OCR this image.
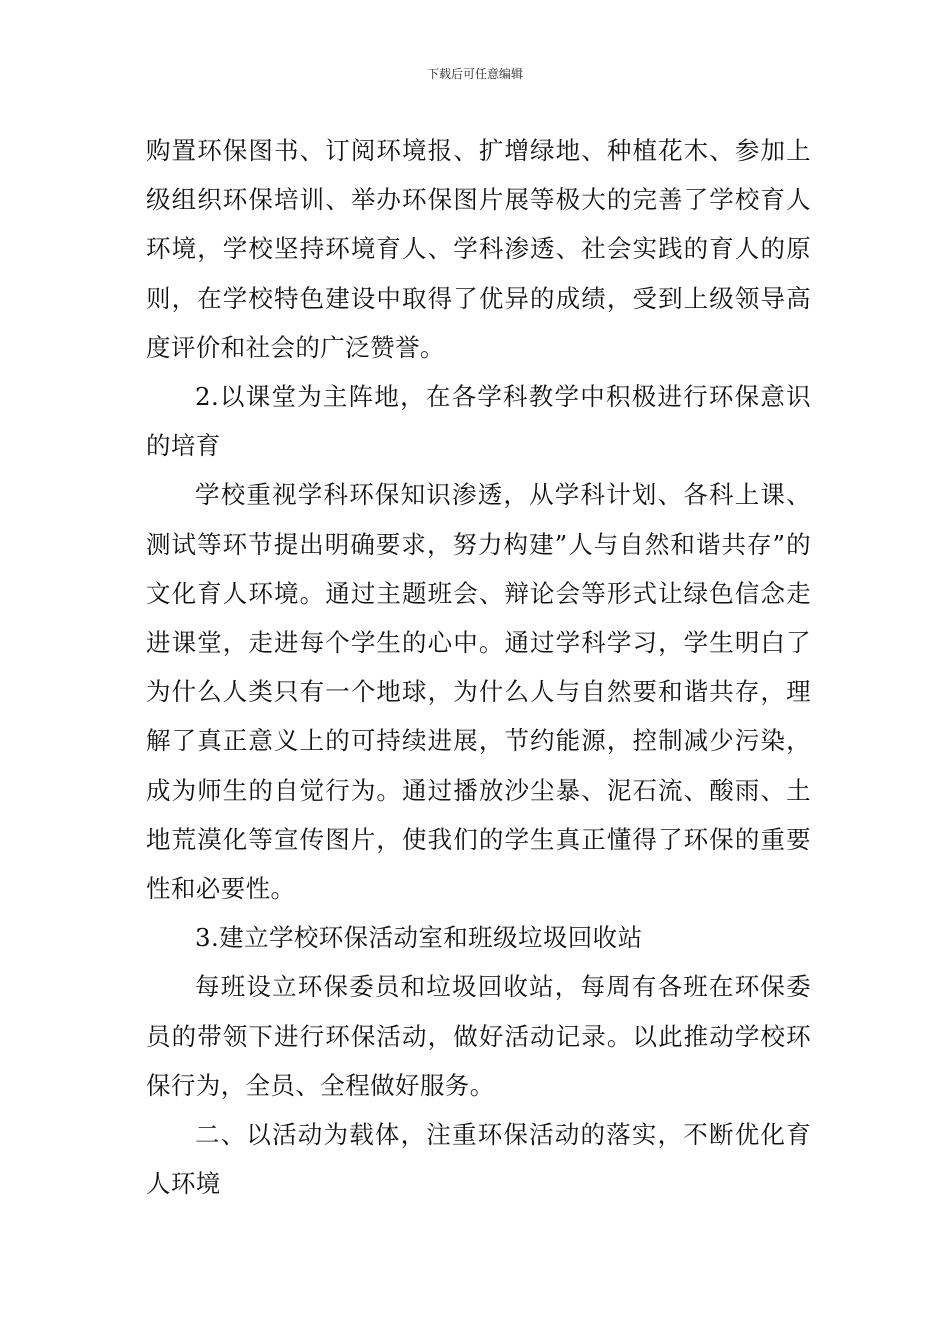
下载后可任意编辑

购置环保图书、订阅环境报、扩增绿地、种植花木、参加上级组织环保培训、举办环保图片展等极大的完善了学校育人环境，学校坚持环境育人、学科渗透、社会实践的育人的原则，在学校特色建设中取得了优异的成绩，受到上级领导高度评价和社会的广泛赞誉。

2.以课堂为主阵地，在各学科教学中积极进行环保意识的培育

学校重视学科环保知识渗透，从学科计划、各科上课、测试等环节提出明确要求，努力构建”人与自然和谐共存”的文化育人环境。通过主题班会、辩论会等形式让绿色信念走进课堂，走进每个学生的心中。通过学科学习，学生明白了为什么人类只有一个地球，为什么人与自然要和谐共存，理解了真正意义上的可持续进展，节约能源，控制减少污染，成为师生的自觉行为。通过播放沙尘暴、泥石流、酸雨、土地荒漠化等宣传图片，使我们的学生真正懂得了环保的重要性和必要性。

3.建立学校环保活动室和班级垃圾回收站

每班设立环保委员和垃圾回收站，每周有各班在环保委员的带领下进行环保活动，做好活动记录。以此推动学校环保行为，全员、全程做好服务。

二、以活动为载体，注重环保活动的落实，不断优化育人环境
